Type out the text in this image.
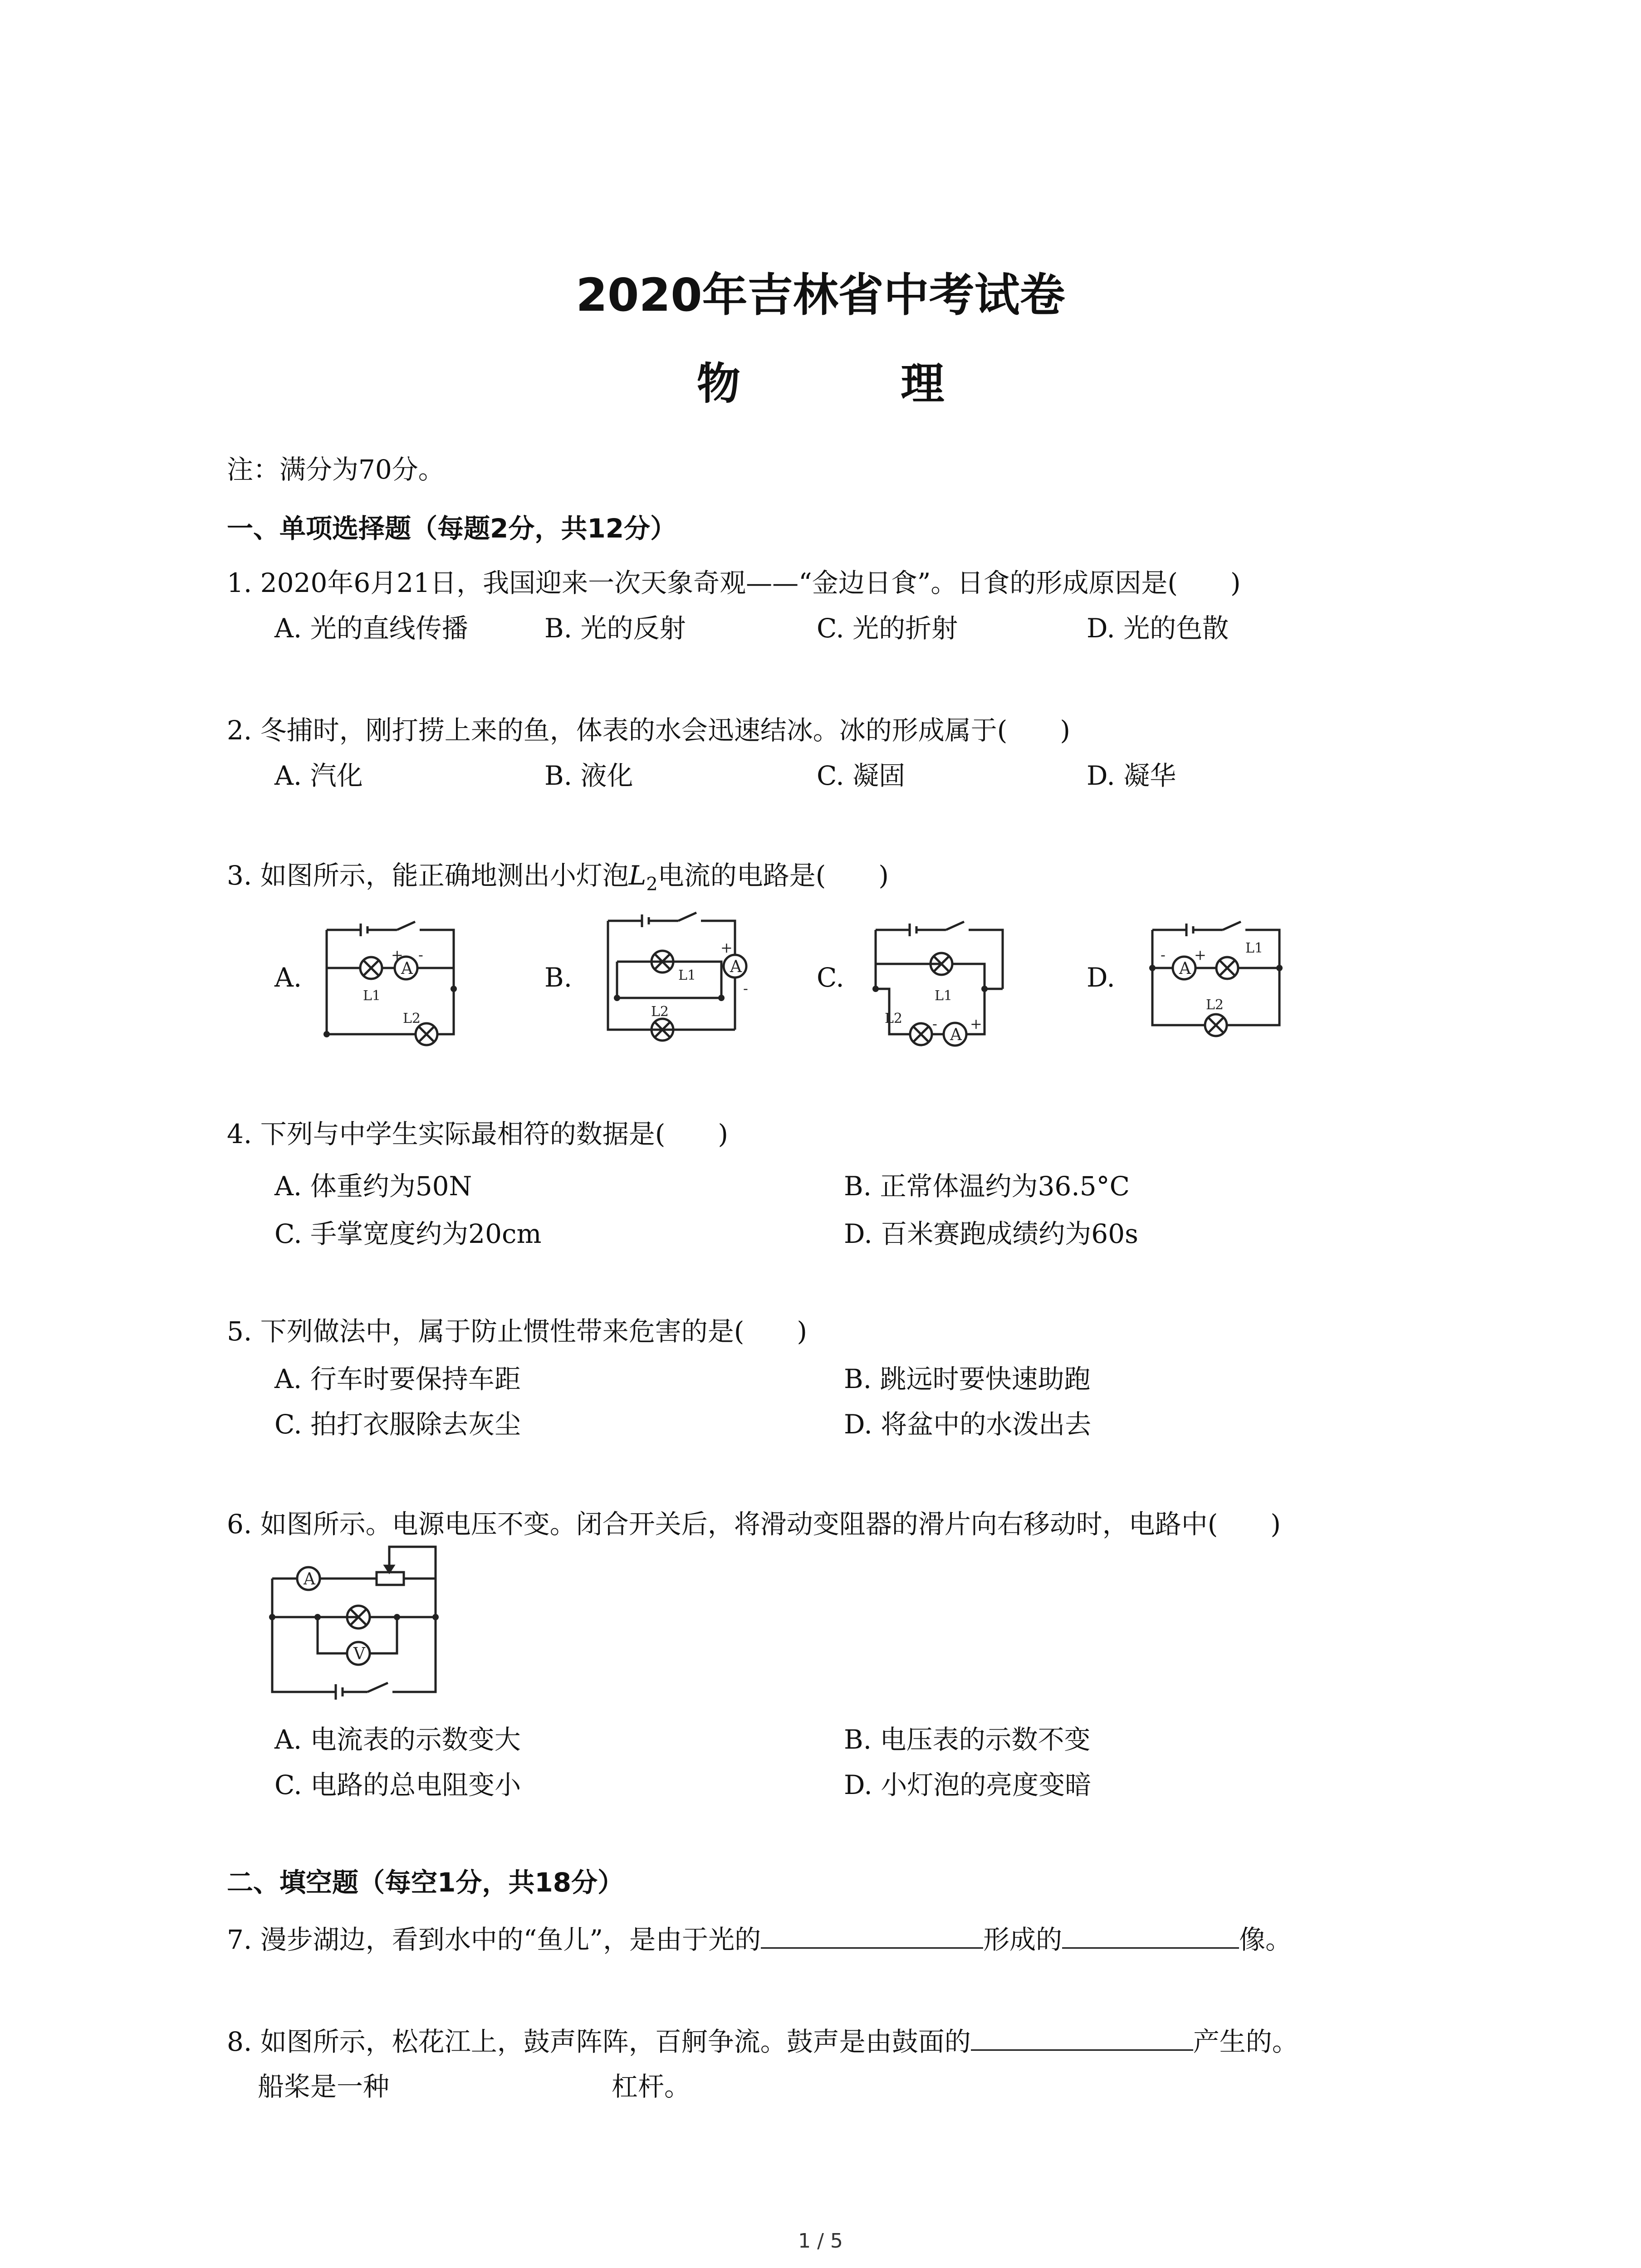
2020年吉林省中考试卷
物 理
注：满分为70分。
一、单项选择题（每题2分，共12分）
1. 2020年6月21日，我国迎来一次天象奇观——“金边日食”。日食的形成原因是(　　)
A. 光的直线传播	B. 光的反射	C. 光的折射	D. 光的色散
2. 冬捕时，刚打捞上来的鱼，体表的水会迅速结冰。冰的形成属于(　　)
A. 汽化	B. 液化	C. 凝固	D. 凝华
3. 如图所示，能正确地测出小灯泡$L_2$电流的电路是(　　)
A.	B.	C.	D.
A
+ -
L1
L2
A
+
-
L1
L2
A
- +
L1
L2
A
- +	L1
L2
4. 下列与中学生实际最相符的数据是(　　)
A. 体重约为50N	B. 正常体温约为36.5°C
C. 手掌宽度约为20cm	D. 百米赛跑成绩约为60s
5. 下列做法中，属于防止惯性带来危害的是(　　)
A. 行车时要保持车距	B. 跳远时要快速助跑
C. 拍打衣服除去灰尘	D. 将盆中的水泼出去
6. 如图所示。电源电压不变。闭合开关后，将滑动变阻器的滑片向右移动时，电路中(　　)
A
V
A. 电流表的示数变大	B. 电压表的示数不变
C. 电路的总电阻变小	D. 小灯泡的亮度变暗
二、填空题（每空1分，共18分）
7. 漫步湖边，看到水中的“鱼儿”，是由于光的	形成的	像。
8. 如图所示，松花江上，鼓声阵阵，百舸争流。鼓声是由鼓面的	产生的。
船桨是一种	杠杆。
1 / 5
